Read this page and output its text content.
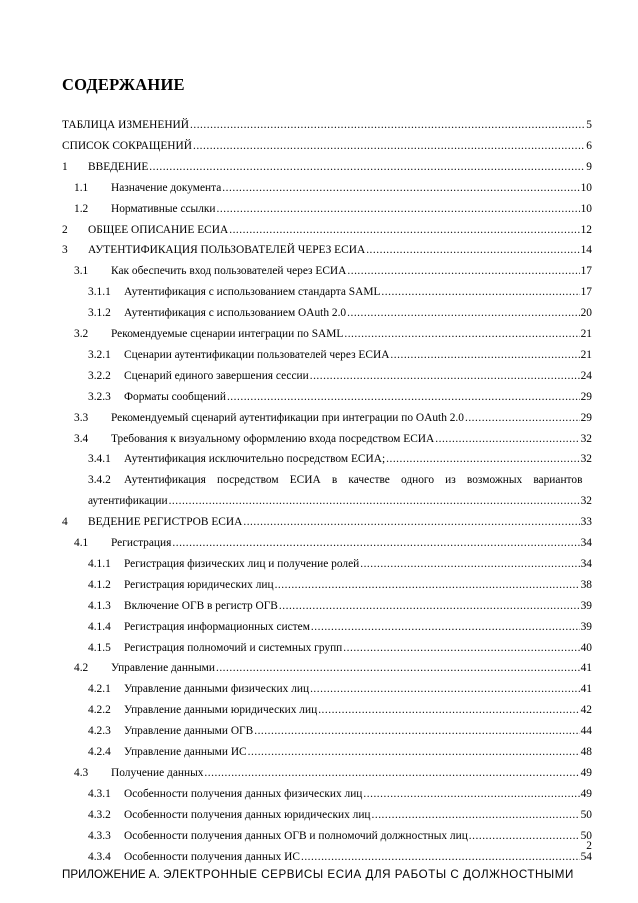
СОДЕРЖАНИЕ
ТАБЛИЦА ИЗМЕНЕНИЙ .....	5
СПИСОК СОКРАЩЕНИЙ .....	6
1	ВВЕДЕНИЕ .....	9
1.1	Назначение документа .....	10
1.2	Нормативные ссылки .....	10
2	ОБЩЕЕ ОПИСАНИЕ ЕСИА .....	12
3	АУТЕНТИФИКАЦИЯ ПОЛЬЗОВАТЕЛЕЙ ЧЕРЕЗ ЕСИА .....	14
3.1	Как обеспечить вход пользователей через ЕСИА .....	17
3.1.1	Аутентификация с использованием стандарта SAML .....	17
3.1.2	Аутентификация с использованием OAuth 2.0 .....	20
3.2	Рекомендуемые сценарии интеграции по SAML .....	21
3.2.1	Сценарии аутентификации пользователей через ЕСИА .....	21
3.2.2	Сценарий единого завершения сессии .....	24
3.2.3	Форматы сообщений .....	29
3.3	Рекомендуемый сценарий аутентификации при интеграции по OAuth 2.0 .....	29
3.4	Требования к визуальному оформлению входа посредством ЕСИА .....	32
3.4.1	Аутентификация исключительно посредством ЕСИА; .....	32
3.4.2	Аутентификация посредством ЕСИА в качестве одного из возможных вариантов
аутентификации .....	32
4	ВЕДЕНИЕ РЕГИСТРОВ ЕСИА .....	33
4.1	Регистрация .....	34
4.1.1	Регистрация физических лиц и получение ролей .....	34
4.1.2	Регистрация юридических лиц .....	38
4.1.3	Включение ОГВ в регистр ОГВ .....	39
4.1.4	Регистрация информационных систем .....	39
4.1.5	Регистрация полномочий и системных групп .....	40
4.2	Управление данными .....	41
4.2.1	Управление данными физических лиц .....	41
4.2.2	Управление данными юридических лиц .....	42
4.2.3	Управление данными ОГВ .....	44
4.2.4	Управление данными ИС .....	48
4.3	Получение данных .....	49
4.3.1	Особенности получения данных физических лиц .....	49
4.3.2	Особенности получения данных юридических лиц .....	50
4.3.3	Особенности получения данных ОГВ и полномочий должностных лиц .....	50
4.3.4	Особенности получения данных ИС .....	54
ПРИЛОЖЕНИЕ А. ЭЛЕКТРОННЫЕ СЕРВИСЫ ЕСИА ДЛЯ РАБОТЫ С ДОЛЖНОСТНЫМИ
2
